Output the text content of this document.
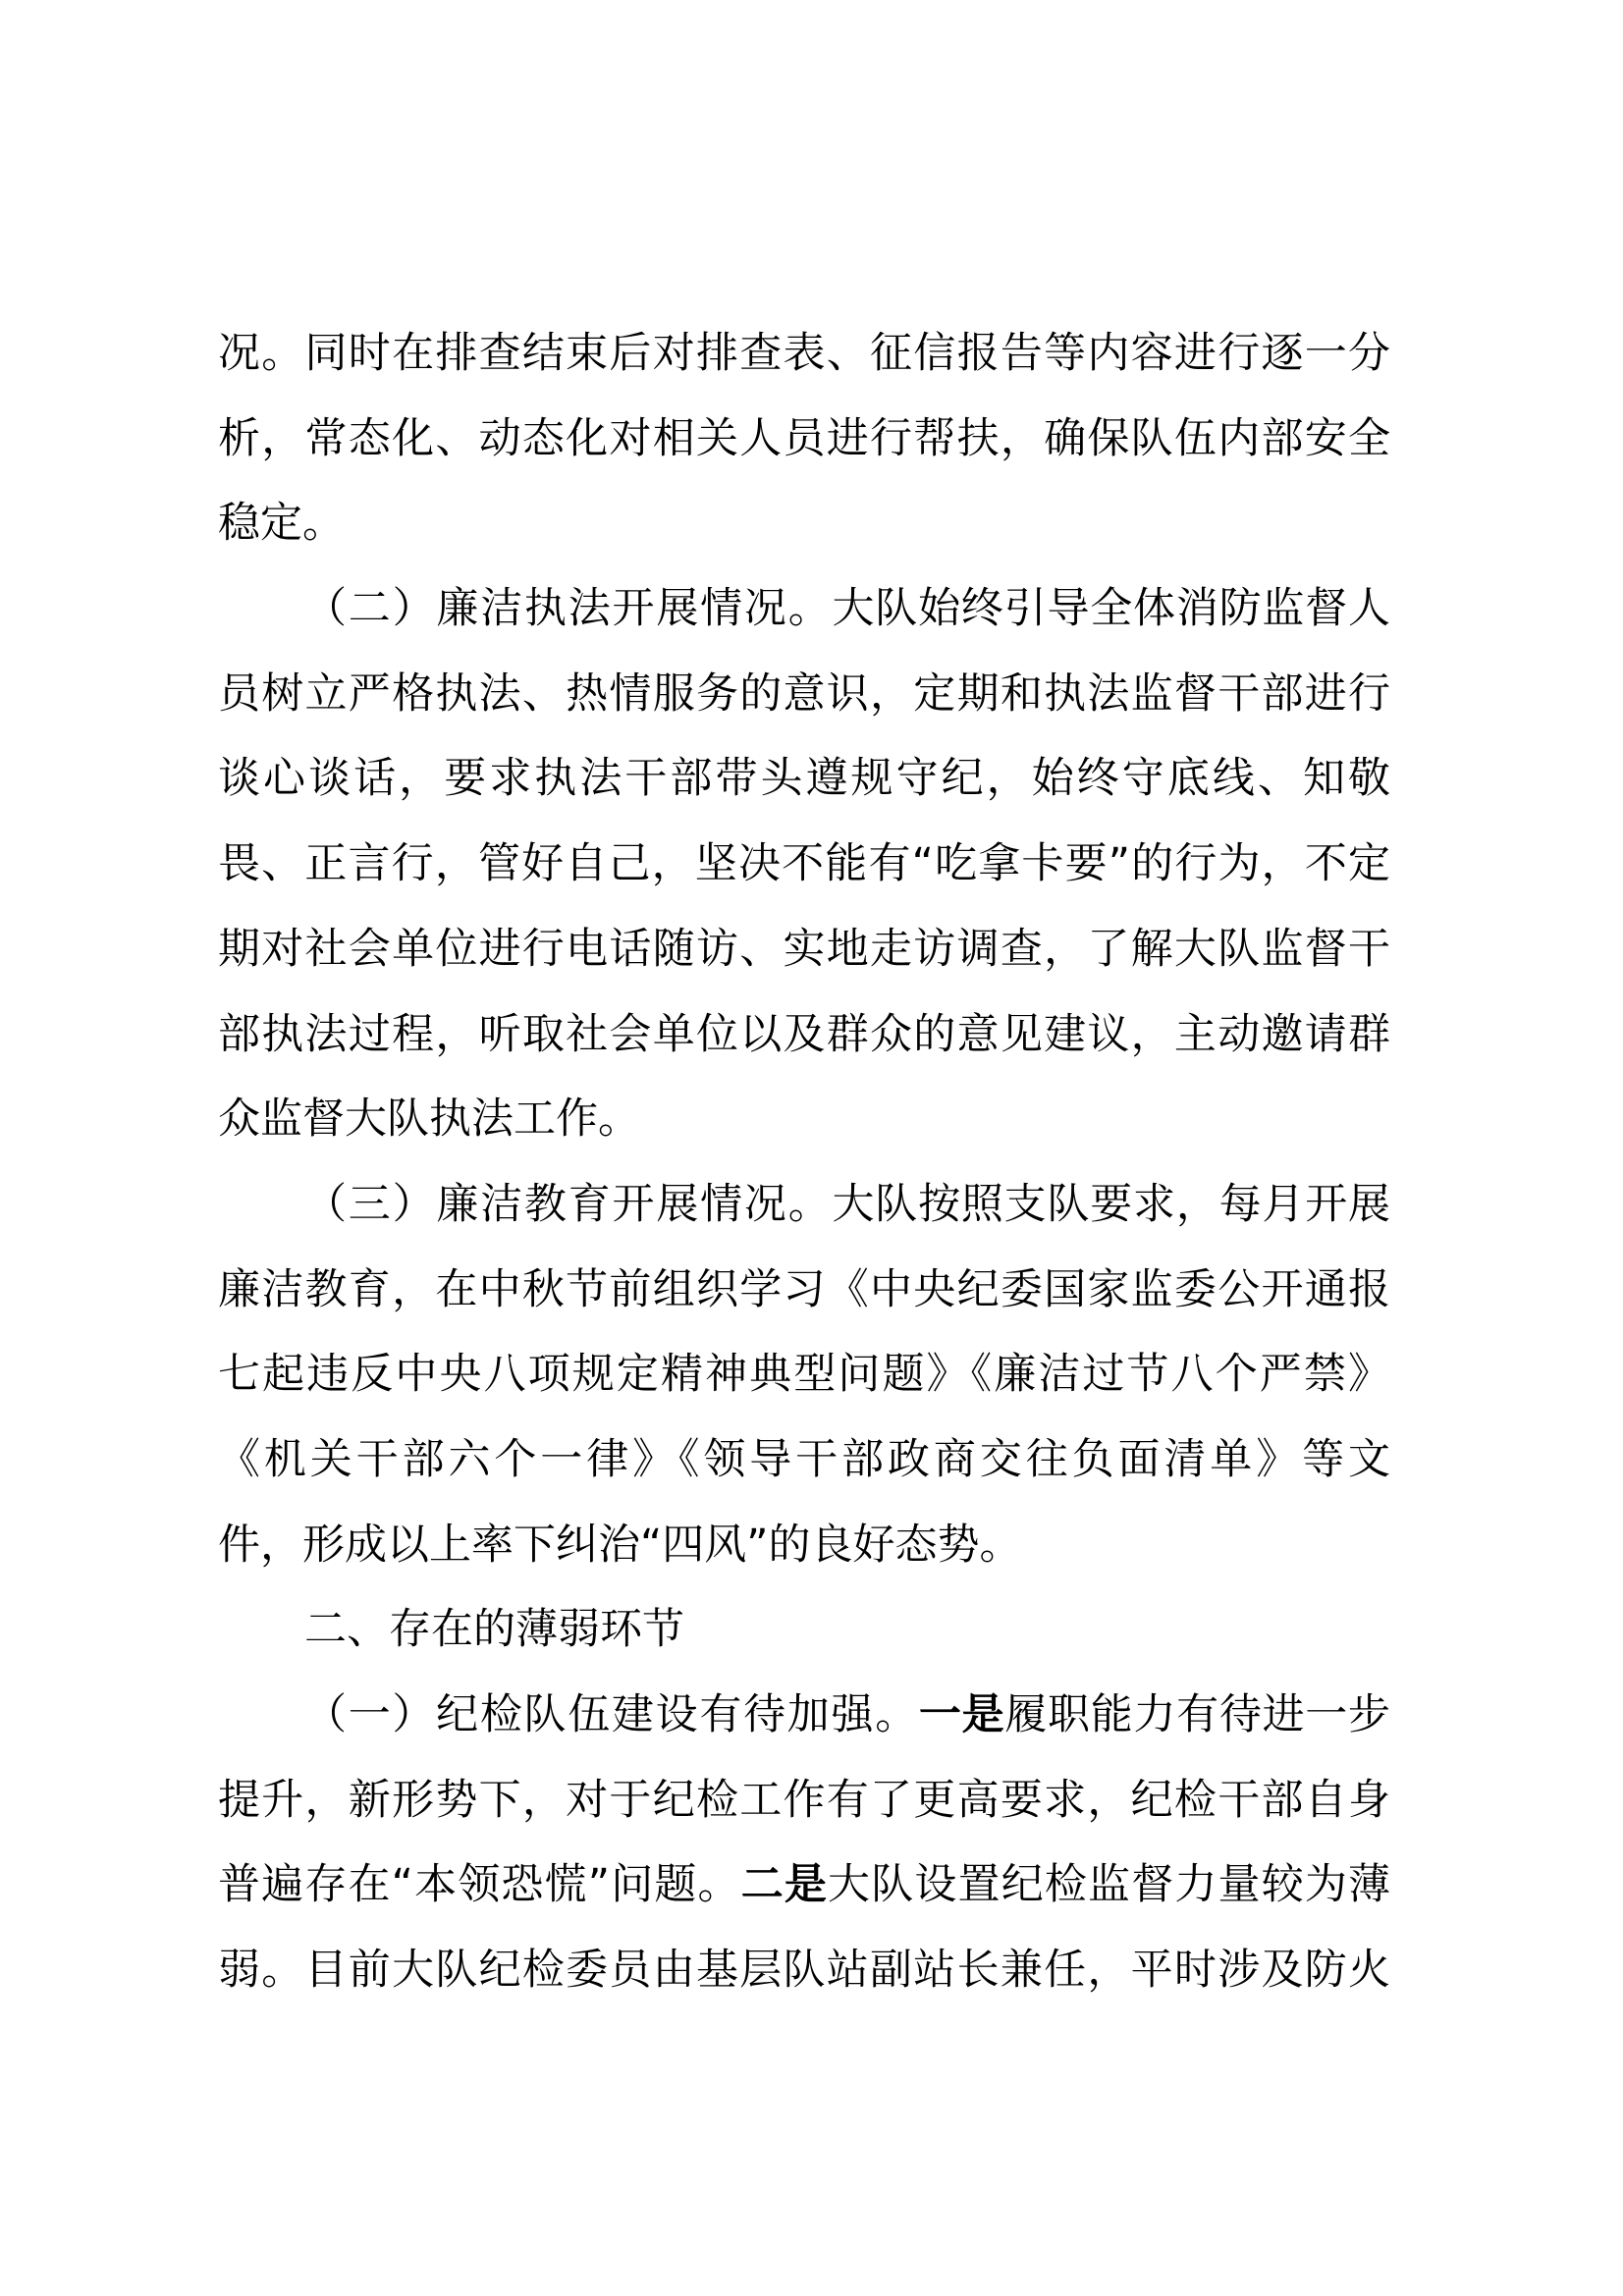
况。同时在排查结束后对排查表、征信报告等内容进行逐一分
析，常态化、动态化对相关人员进行帮扶，确保队伍内部安全
稳定。
（二）廉洁执法开展情况。大队始终引导全体消防监督人
员树立严格执法、热情服务的意识，定期和执法监督干部进行
谈心谈话，要求执法干部带头遵规守纪，始终守底线、知敬
畏、正言行，管好自己，坚决不能有“吃拿卡要”的行为，不定
期对社会单位进行电话随访、实地走访调查，了解大队监督干
部执法过程，听取社会单位以及群众的意见建议，主动邀请群
众监督大队执法工作。
（三）廉洁教育开展情况。大队按照支队要求，每月开展
廉洁教育，在中秋节前组织学习《中央纪委国家监委公开通报
七起违反中央八项规定精神典型问题》《廉洁过节八个严禁》
《机关干部六个一律》《领导干部政商交往负面清单》等文
件，形成以上率下纠治“四风”的良好态势。
二、存在的薄弱环节
（一）纪检队伍建设有待加强。一是履职能力有待进一步
提升，新形势下，对于纪检工作有了更高要求，纪检干部自身
普遍存在“本领恐慌”问题。二是大队设置纪检监督力量较为薄
弱。目前大队纪检委员由基层队站副站长兼任，平时涉及防火
